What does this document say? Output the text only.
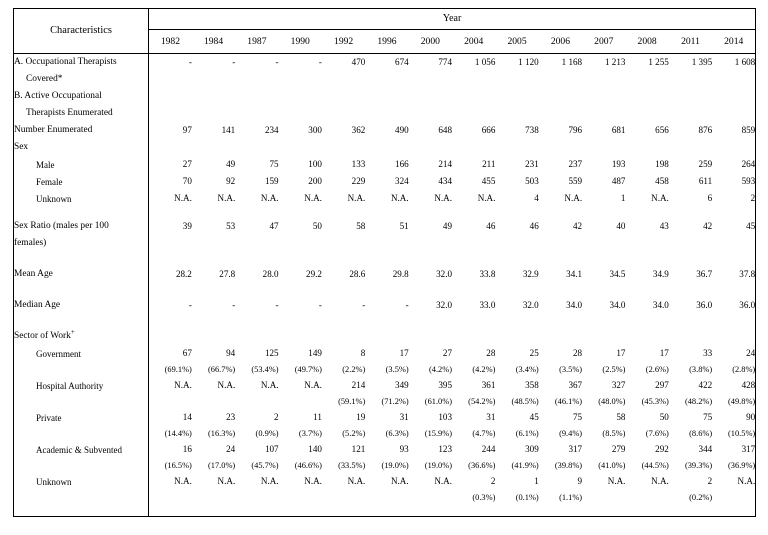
Characteristics	Year													
	1982	1984	1987	1990	1992	1996	2000	2004	2005	2006	2007	2008	2011	2014
A. Occupational Therapists	-	-	-	-	470	674	774	1 056	1 120	1 168	1 213	1 255	1 395	1 608
Covered*														
B. Active Occupational														
Therapists Enumerated														
Number Enumerated	97	141	234	300	362	490	648	666	738	796	681	656	876	859
Sex														
Male	27	49	75	100	133	166	214	211	231	237	193	198	259	264
Female	70	92	159	200	229	324	434	455	503	559	487	458	611	593
Unknown	N.A.	N.A.	N.A.	N.A.	N.A.	N.A.	N.A.	N.A.	4	N.A.	1	N.A.	6	2

Sex Ratio (males per 100	39	53	47	50	58	51	49	46	46	42	40	43	42	45
females)														

Mean Age	28.2	27.8	28.0	29.2	28.6	29.8	32.0	33.8	32.9	34.1	34.5	34.9	36.7	37.8

Median Age	-	-	-	-	-	-	32.0	33.0	32.0	34.0	34.0	34.0	36.0	36.0

Sector of Work+														
Government	67	94	125	149	8	17	27	28	25	28	17	17	33	24
	(69.1%)	(66.7%)	(53.4%)	(49.7%)	(2.2%)	(3.5%)	(4.2%)	(4.2%)	(3.4%)	(3.5%)	(2.5%)	(2.6%)	(3.8%)	(2.8%)
Hospital Authority	N.A.	N.A.	N.A.	N.A.	214	349	395	361	358	367	327	297	422	428
					(59.1%)	(71.2%)	(61.0%)	(54.2%)	(48.5%)	(46.1%)	(48.0%)	(45.3%)	(48.2%)	(49.8%)
Private	14	23	2	11	19	31	103	31	45	75	58	50	75	90
	(14.4%)	(16.3%)	(0.9%)	(3.7%)	(5.2%)	(6.3%)	(15.9%)	(4.7%)	(6.1%)	(9.4%)	(8.5%)	(7.6%)	(8.6%)	(10.5%)
Academic & Subvented	16	24	107	140	121	93	123	244	309	317	279	292	344	317
	(16.5%)	(17.0%)	(45.7%)	(46.6%)	(33.5%)	(19.0%)	(19.0%)	(36.6%)	(41.9%)	(39.8%)	(41.0%)	(44.5%)	(39.3%)	(36.9%)
Unknown	N.A.	N.A.	N.A.	N.A.	N.A.	N.A.	N.A.	2	1	9	N.A.	N.A.	2	N.A.
								(0.3%)	(0.1%)	(1.1%)			(0.2%)	
